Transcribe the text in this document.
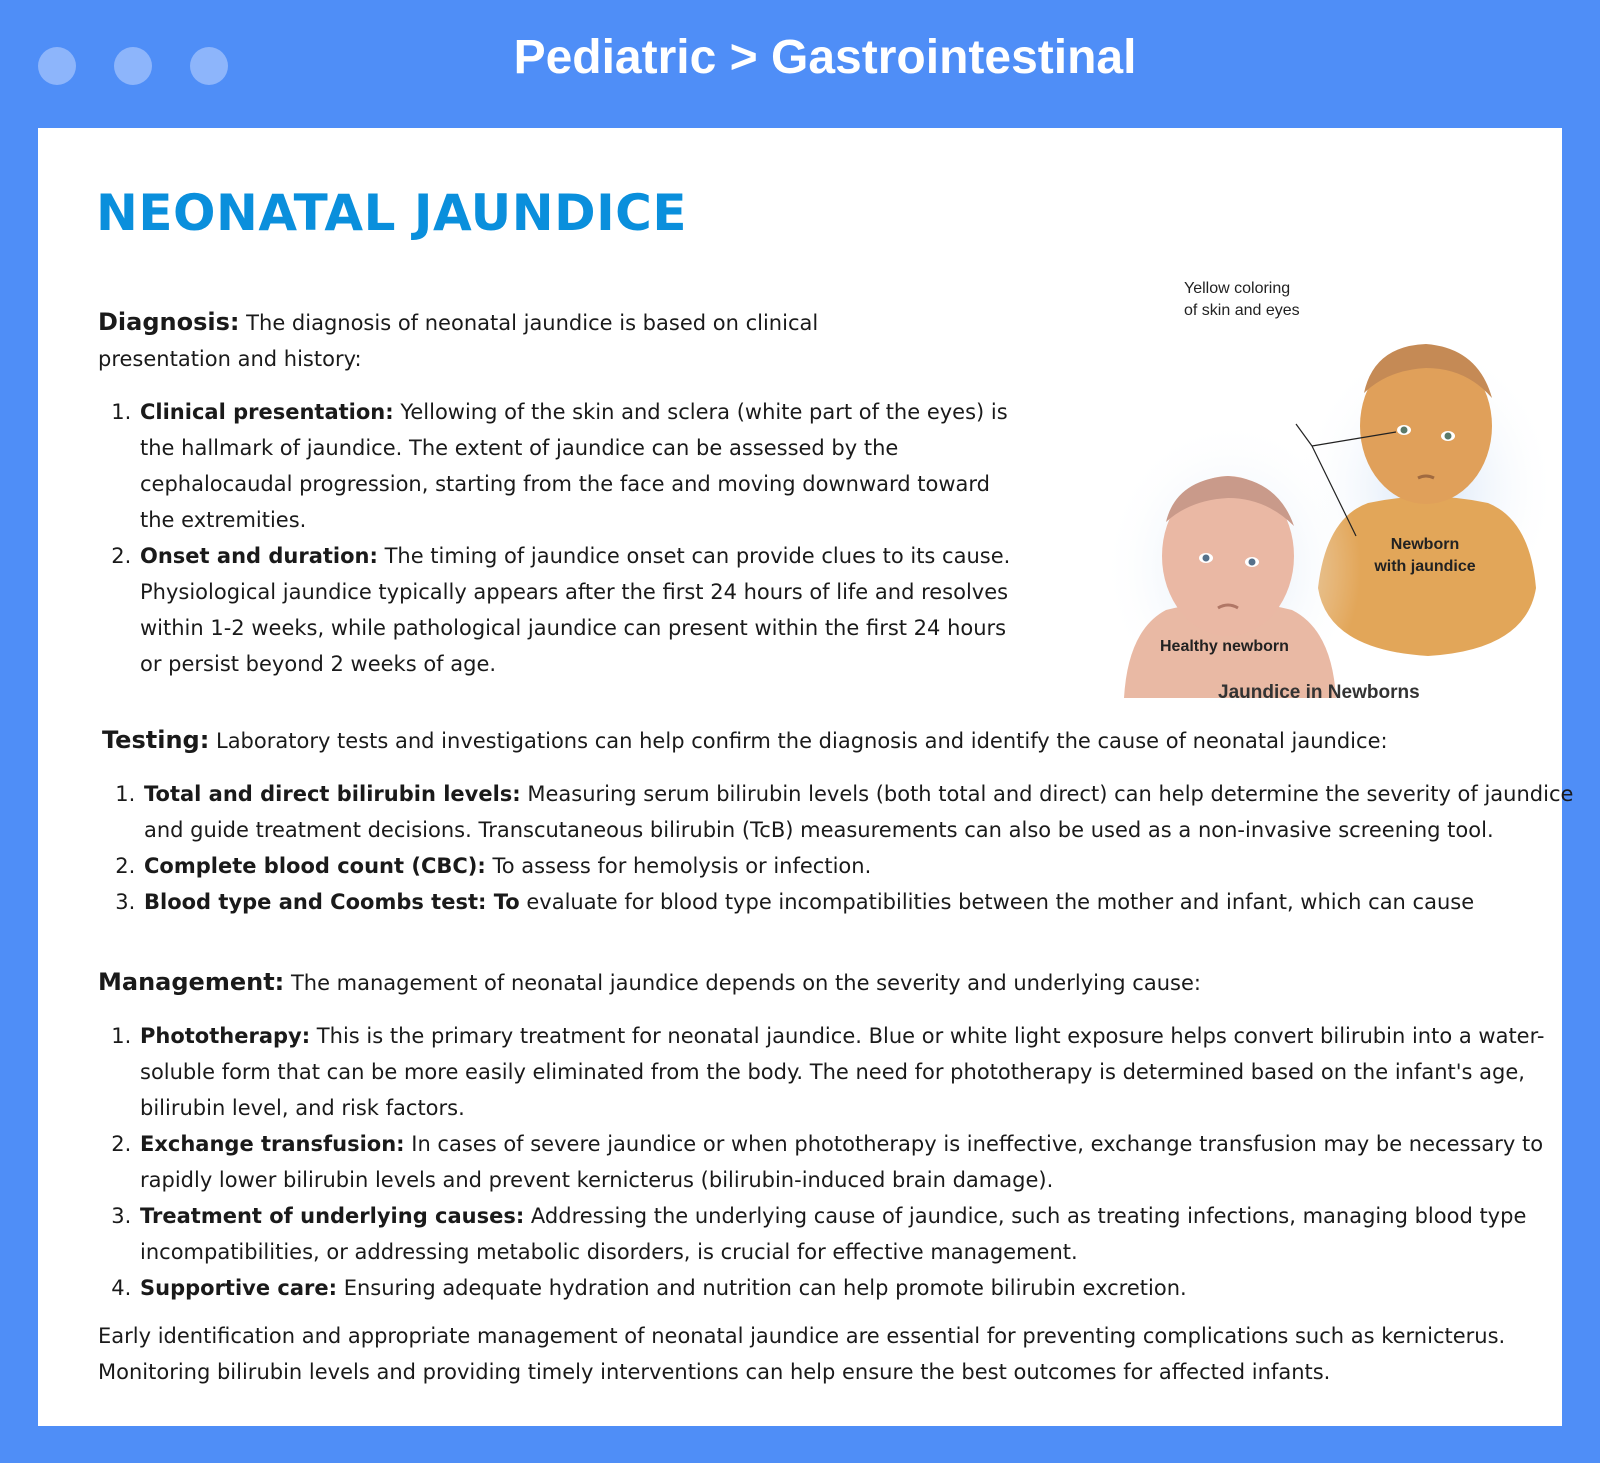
Pediatric > Gastrointestinal
NEONATAL JAUNDICE

Diagnosis: The diagnosis of neonatal jaundice is based on clinical presentation and history:

1. Clinical presentation: Yellowing of the skin and sclera (white part of the eyes) is the hallmark of jaundice. The extent of jaundice can be assessed by the cephalocaudal progression, starting from the face and moving downward toward the extremities.
2. Onset and duration: The timing of jaundice onset can provide clues to its cause. Physiological jaundice typically appears after the first 24 hours of life and resolves within 1-2 weeks, while pathological jaundice can present within the first 24 hours or persist beyond 2 weeks of age.
Yellow coloring
of skin and eyes
Newborn
with jaundice
Healthy newborn
Jaundice in Newborns

Testing: Laboratory tests and investigations can help confirm the diagnosis and identify the cause of neonatal jaundice:

1. Total and direct bilirubin levels: Measuring serum bilirubin levels (both total and direct) can help determine the severity of jaundice and guide treatment decisions. Transcutaneous bilirubin (TcB) measurements can also be used as a non-invasive screening tool.
2. Complete blood count (CBC): To assess for hemolysis or infection.
3. Blood type and Coombs test: To evaluate for blood type incompatibilities between the mother and infant, which can cause

Management: The management of neonatal jaundice depends on the severity and underlying cause:

1. Phototherapy: This is the primary treatment for neonatal jaundice. Blue or white light exposure helps convert bilirubin into a water-soluble form that can be more easily eliminated from the body. The need for phototherapy is determined based on the infant's age, bilirubin level, and risk factors.
2. Exchange transfusion: In cases of severe jaundice or when phototherapy is ineffective, exchange transfusion may be necessary to rapidly lower bilirubin levels and prevent kernicterus (bilirubin-induced brain damage).
3. Treatment of underlying causes: Addressing the underlying cause of jaundice, such as treating infections, managing blood type incompatibilities, or addressing metabolic disorders, is crucial for effective management.
4. Supportive care: Ensuring adequate hydration and nutrition can help promote bilirubin excretion.

Early identification and appropriate management of neonatal jaundice are essential for preventing complications such as kernicterus. Monitoring bilirubin levels and providing timely interventions can help ensure the best outcomes for affected infants.
